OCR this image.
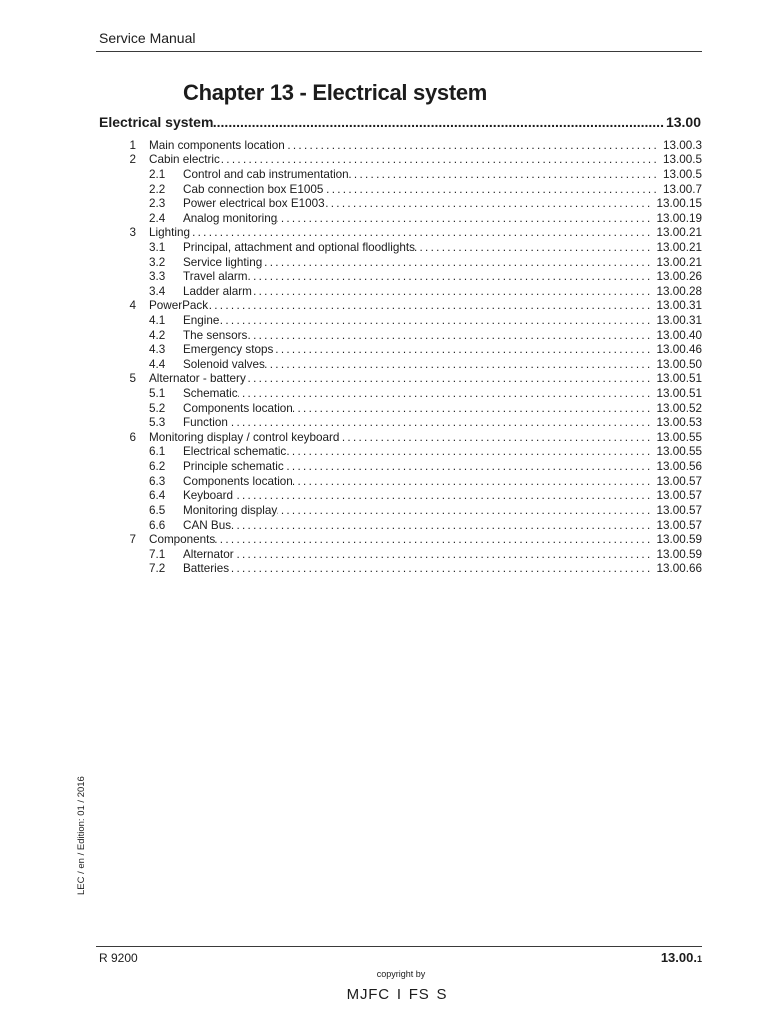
Service Manual
Chapter 13 - Electrical system
Electrical system .....	13.00
1 Main components location .....	13.00.3
2 Cabin electric .....	13.00.5
2.1	Control and cab instrumentation .....	13.00.5
2.2	Cab connection box E1005 .....	13.00.7
2.3	Power electrical box E1003 .....	13.00.15
2.4	Analog monitoring .....	13.00.19
3 Lighting .....	13.00.21
3.1	Principal, attachment and optional floodlights .....	13.00.21
3.2	Service lighting .....	13.00.21
3.3	Travel alarm .....	13.00.26
3.4	Ladder alarm .....	13.00.28
4 PowerPack .....	13.00.31
4.1	Engine .....	13.00.31
4.2	The sensors .....	13.00.40
4.3	Emergency stops .....	13.00.46
4.4	Solenoid valves .....	13.00.50
5 Alternator - battery .....	13.00.51
5.1	Schematic .....	13.00.51
5.2	Components location .....	13.00.52
5.3	Function .....	13.00.53
6 Monitoring display / control keyboard .....	13.00.55
6.1	Electrical schematic .....	13.00.55
6.2	Principle schematic .....	13.00.56
6.3	Components location .....	13.00.57
6.4	Keyboard .....	13.00.57
6.5	Monitoring display .....	13.00.57
6.6	CAN Bus .....	13.00.57
7 Components .....	13.00.59
7.1	Alternator .....	13.00.59
7.2	Batteries .....	13.00.66
LEC / en / Edition: 01 / 2016
R 9200	13.00.1
copyright by
MJFC I FS S
